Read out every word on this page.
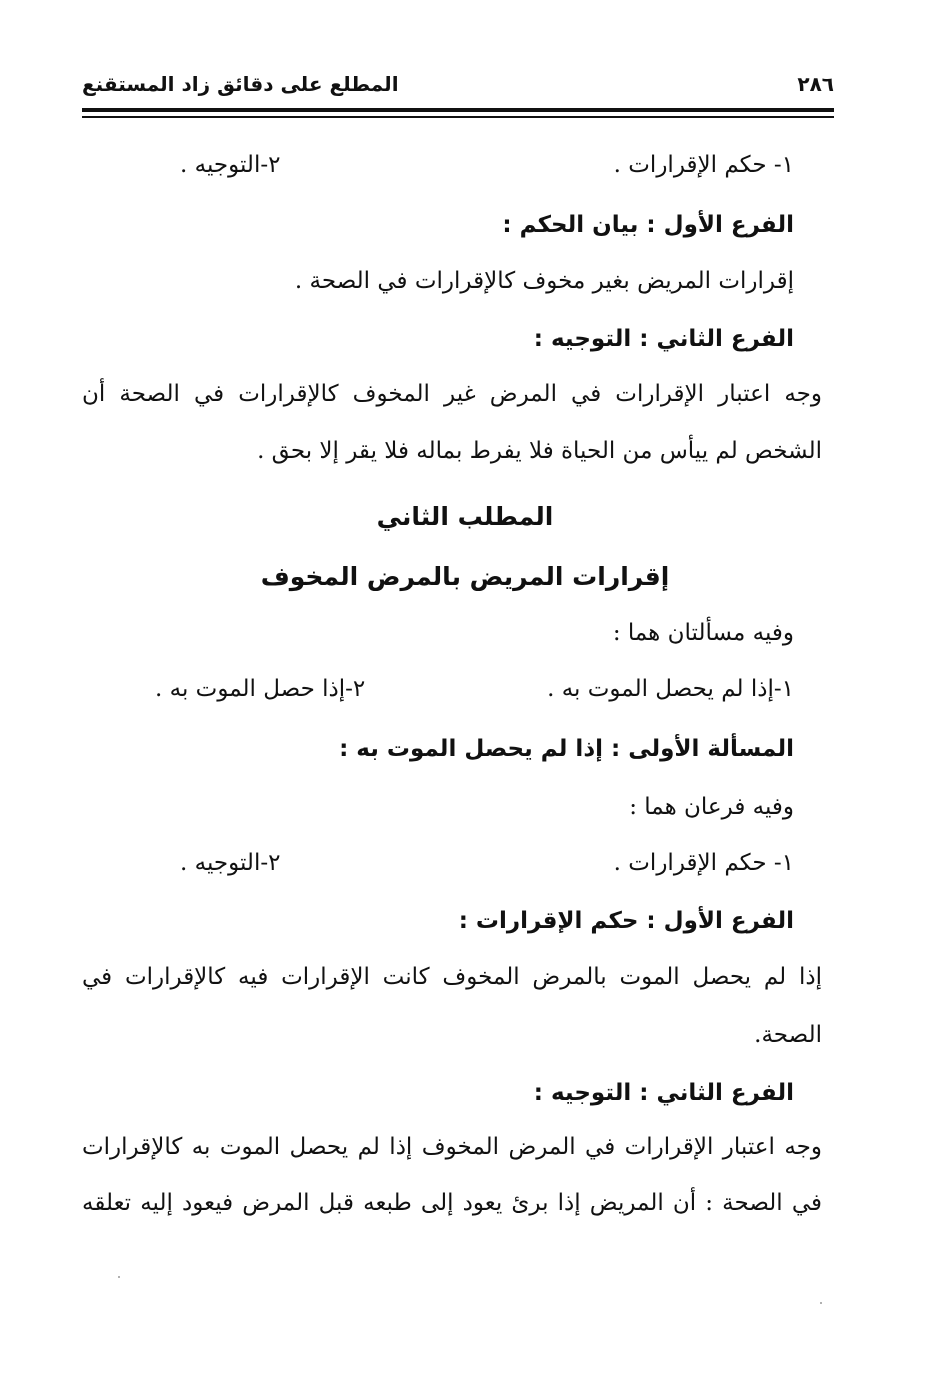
٢٨٦
المطلع على دقائق زاد المستقنع
١- حكم الإقرارات .
٢-التوجيه .
الفرع الأول : بيان الحكم :
إقرارات المريض بغير مخوف كالإقرارات في الصحة .
الفرع الثاني : التوجيه :
وجه اعتبار الإقرارات في المرض غير المخوف كالإقرارات في الصحة أن
الشخص لم ييأس من الحياة فلا يفرط بماله فلا يقر إلا بحق .
المطلب الثاني
إقرارات المريض بالمرض المخوف
وفيه مسألتان هما :
١-إذا لم يحصل الموت به .
٢-إذا حصل الموت به .
المسألة الأولى : إذا لم يحصل الموت به :
وفيه فرعان هما :
١- حكم الإقرارات .
٢-التوجيه .
الفرع الأول : حكم الإقرارات :
إذا لم يحصل الموت بالمرض المخوف كانت الإقرارات فيه كالإقرارات في
الصحة.
الفرع الثاني : التوجيه :
وجه اعتبار الإقرارات في المرض المخوف إذا لم يحصل الموت به كالإقرارات
في الصحة : أن المريض إذا برئ يعود إلى طبعه قبل المرض فيعود إليه تعلقه
